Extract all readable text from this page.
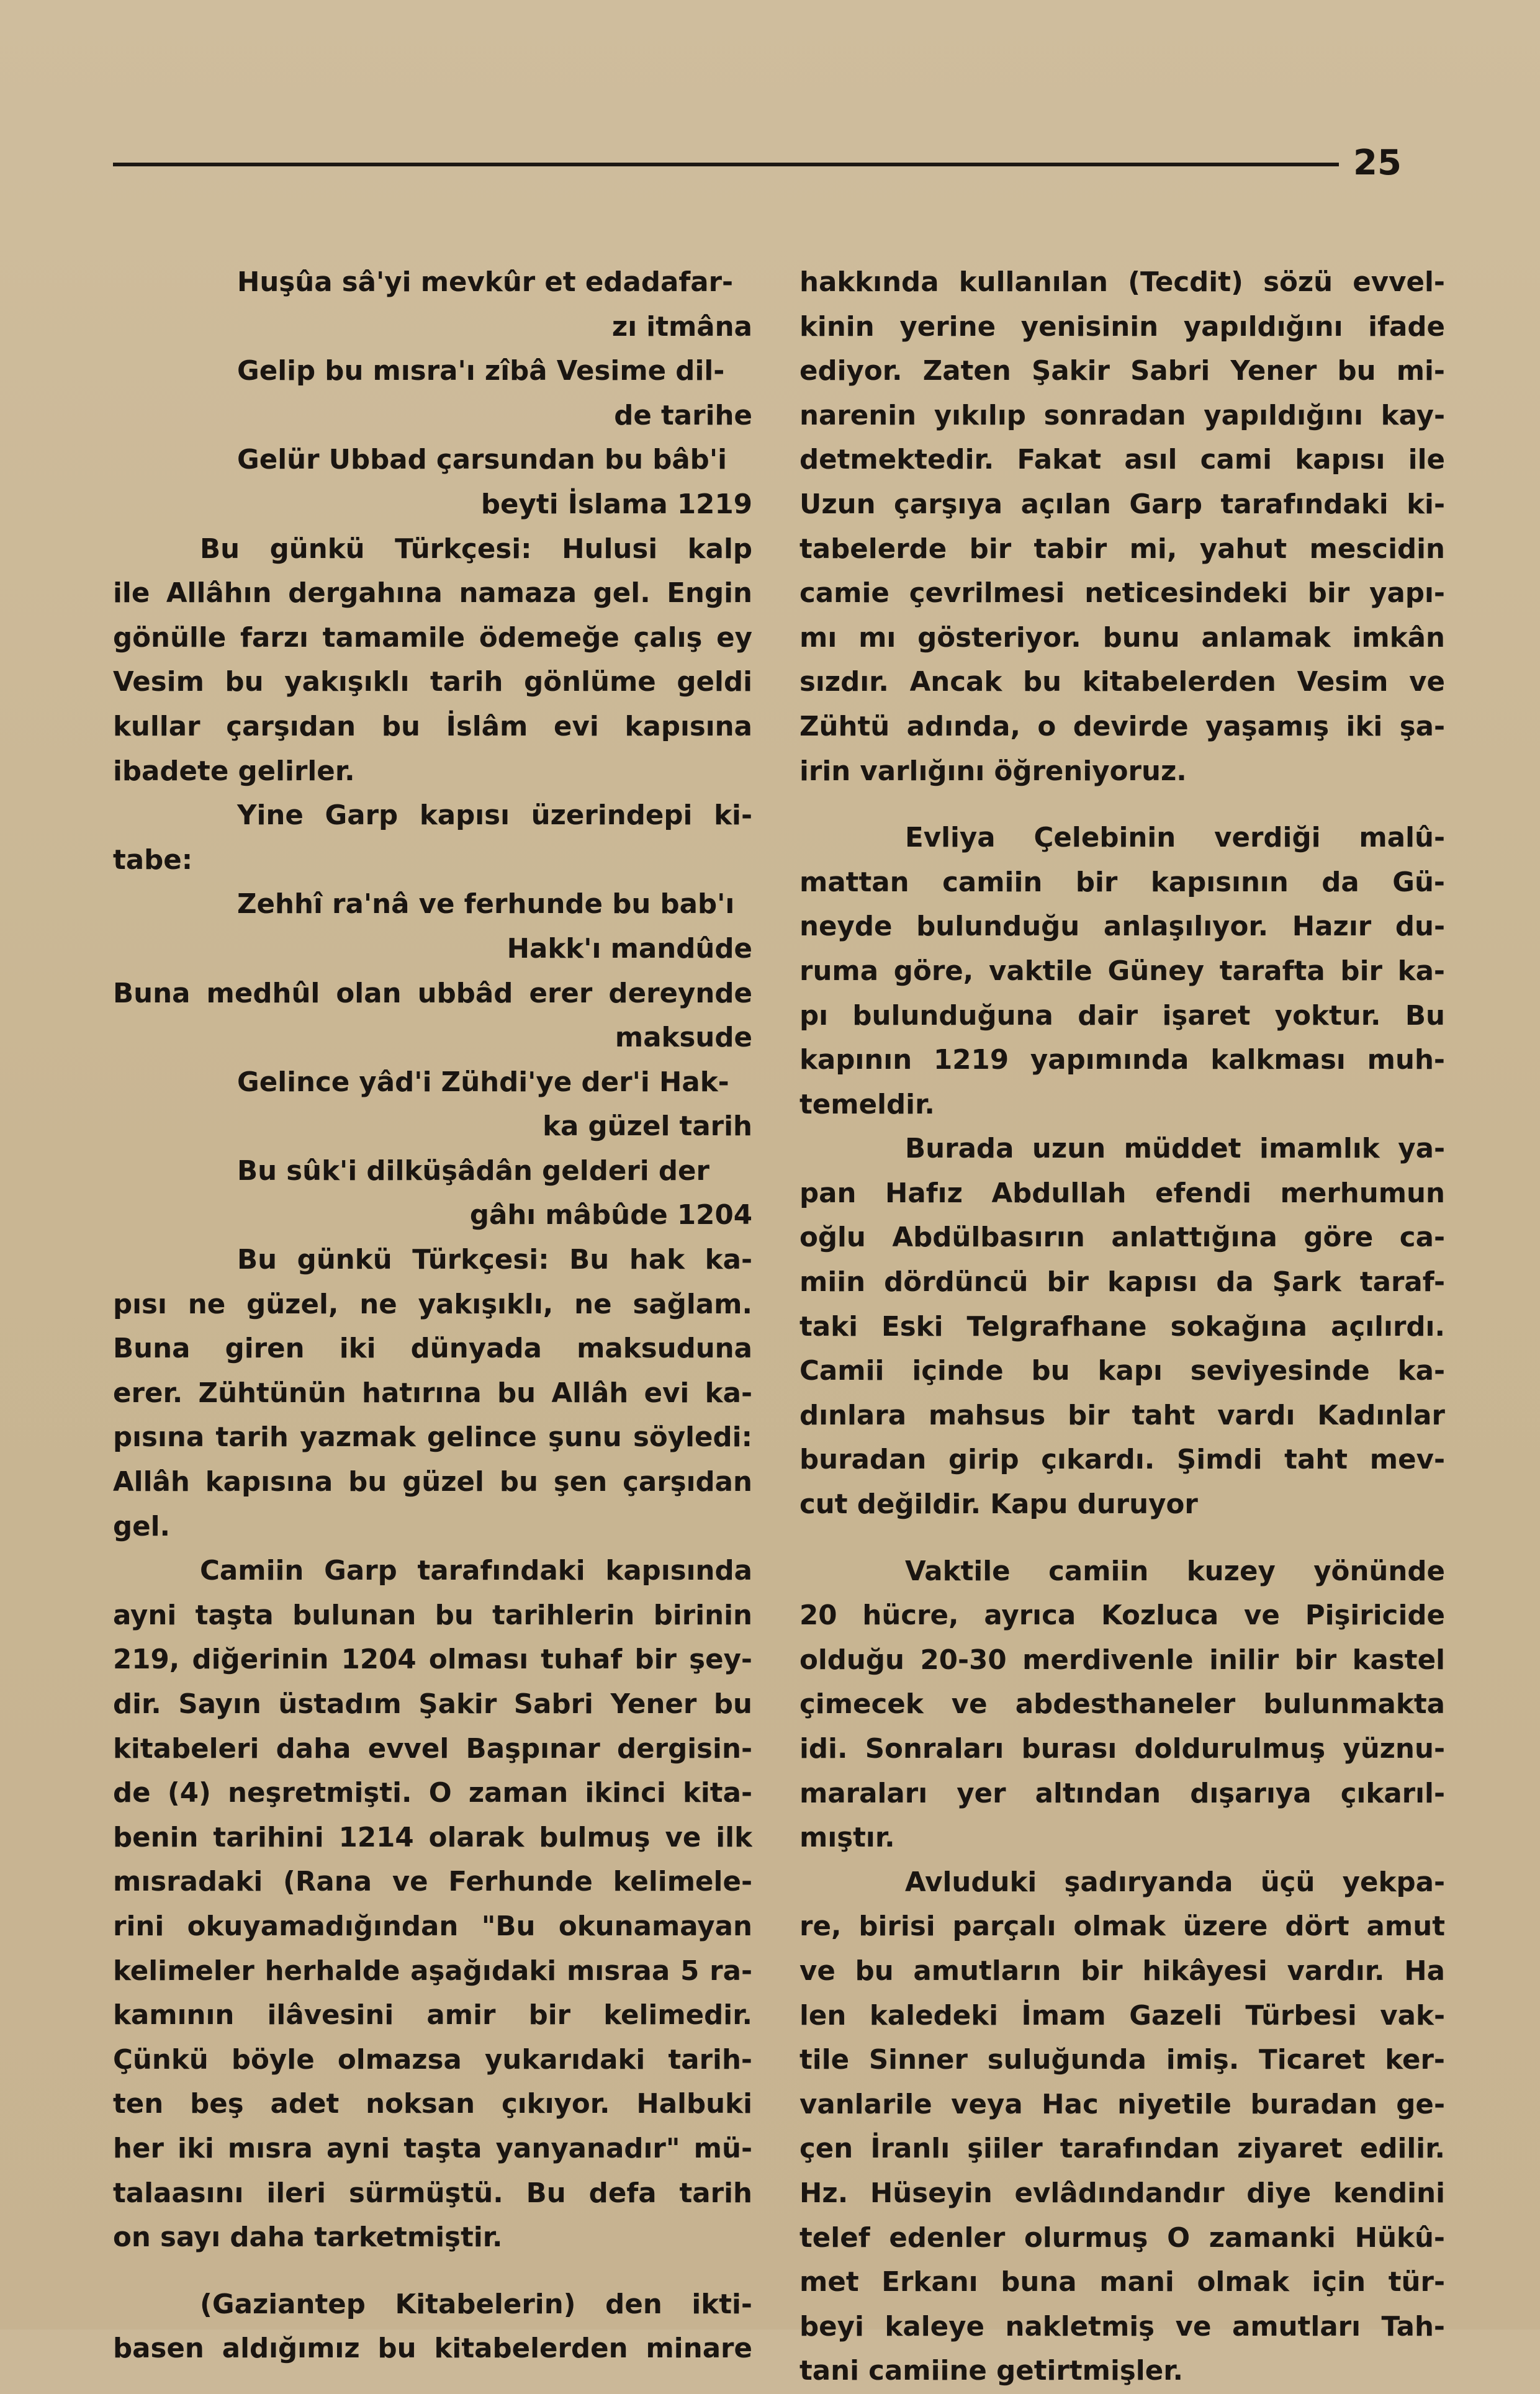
25
Huşûa sâ'yi mevkûr et edadafar-
zı itmâna
Gelip bu mısra'ı zîbâ Vesime dil-
de tarihe
Gelür Ubbad çarsundan bu bâb'i
beyti İslama 1219
Bu günkü Türkçesi: Hulusi kalp
ile Allâhın dergahına namaza gel. Engin
gönülle farzı tamamile ödemeğe çalış ey
Vesim bu yakışıklı tarih gönlüme geldi
kullar çarşıdan bu İslâm evi kapısına
ibadete gelirler.
Yine Garp kapısı üzerindepi ki-
tabe:
Zehhî ra'nâ ve ferhunde bu bab'ı
Hakk'ı mandûde
Buna medhûl olan ubbâd erer dereynde
maksude
Gelince yâd'i Zühdi'ye der'i Hak-
ka güzel tarih
Bu sûk'i dilküşâdân gelderi der
gâhı mâbûde 1204
Bu günkü Türkçesi: Bu hak ka-
pısı ne güzel, ne yakışıklı, ne sağlam.
Buna giren iki dünyada maksuduna
erer. Zühtünün hatırına bu Allâh evi ka-
pısına tarih yazmak gelince şunu söyledi:
Allâh kapısına bu güzel bu şen çarşıdan
gel.
Camiin Garp tarafındaki kapısında
ayni taşta bulunan bu tarihlerin birinin
219, diğerinin 1204 olması tuhaf bir şey-
dir. Sayın üstadım Şakir Sabri Yener bu
kitabeleri daha evvel Başpınar dergisin-
de (4) neşretmişti. O zaman ikinci kita-
benin tarihini 1214 olarak bulmuş ve ilk
mısradaki (Rana ve Ferhunde kelimele-
rini okuyamadığından "Bu okunamayan
kelimeler herhalde aşağıdaki mısraa 5 ra-
kamının ilâvesini amir bir kelimedir.
Çünkü böyle olmazsa yukarıdaki tarih-
ten beş adet noksan çıkıyor. Halbuki
her iki mısra ayni taşta yanyanadır" mü-
talaasını ileri sürmüştü. Bu defa tarih
on sayı daha tarketmiştir.
(Gaziantep Kitabelerin) den ikti-
basen aldığımız bu kitabelerden minare
hakkında kullanılan (Tecdit) sözü evvel-
kinin yerine yenisinin yapıldığını ifade
ediyor. Zaten Şakir Sabri Yener bu mi-
narenin yıkılıp sonradan yapıldığını kay-
detmektedir. Fakat asıl cami kapısı ile
Uzun çarşıya açılan Garp tarafındaki ki-
tabelerde bir tabir mi, yahut mescidin
camie çevrilmesi neticesindeki bir yapı-
mı mı gösteriyor. bunu anlamak imkân
sızdır. Ancak bu kitabelerden Vesim ve
Zühtü adında, o devirde yaşamış iki şa-
irin varlığını öğreniyoruz.
Evliya Çelebinin verdiği malû-
mattan camiin bir kapısının da Gü-
neyde bulunduğu anlaşılıyor. Hazır du-
ruma göre, vaktile Güney tarafta bir ka-
pı bulunduğuna dair işaret yoktur. Bu
kapının 1219 yapımında kalkması muh-
temeldir.
Burada uzun müddet imamlık ya-
pan Hafız Abdullah efendi merhumun
oğlu Abdülbasırın anlattığına göre ca-
miin dördüncü bir kapısı da Şark taraf-
taki Eski Telgrafhane sokağına açılırdı.
Camii içinde bu kapı seviyesinde ka-
dınlara mahsus bir taht vardı Kadınlar
buradan girip çıkardı. Şimdi taht mev-
cut değildir. Kapu duruyor
Vaktile camiin kuzey yönünde
20 hücre, ayrıca Kozluca ve Pişiricide
olduğu 20-30 merdivenle inilir bir kastel
çimecek ve abdesthaneler bulunmakta
idi. Sonraları burası doldurulmuş yüznu-
maraları yer altından dışarıya çıkarıl-
mıştır.
Avluduki şadıryanda üçü yekpa-
re, birisi parçalı olmak üzere dört amut
ve bu amutların bir hikâyesi vardır. Ha
len kaledeki İmam Gazeli Türbesi vak-
tile Sinner suluğunda imiş. Ticaret ker-
vanlarile veya Hac niyetile buradan ge-
çen İranlı şiiler tarafından ziyaret edilir.
Hz. Hüseyin evlâdındandır diye kendini
telef edenler olurmuş O zamanki Hükû-
met Erkanı buna mani olmak için tür-
beyi kaleye nakletmiş ve amutları Tah-
tani camiine getirtmişler.
